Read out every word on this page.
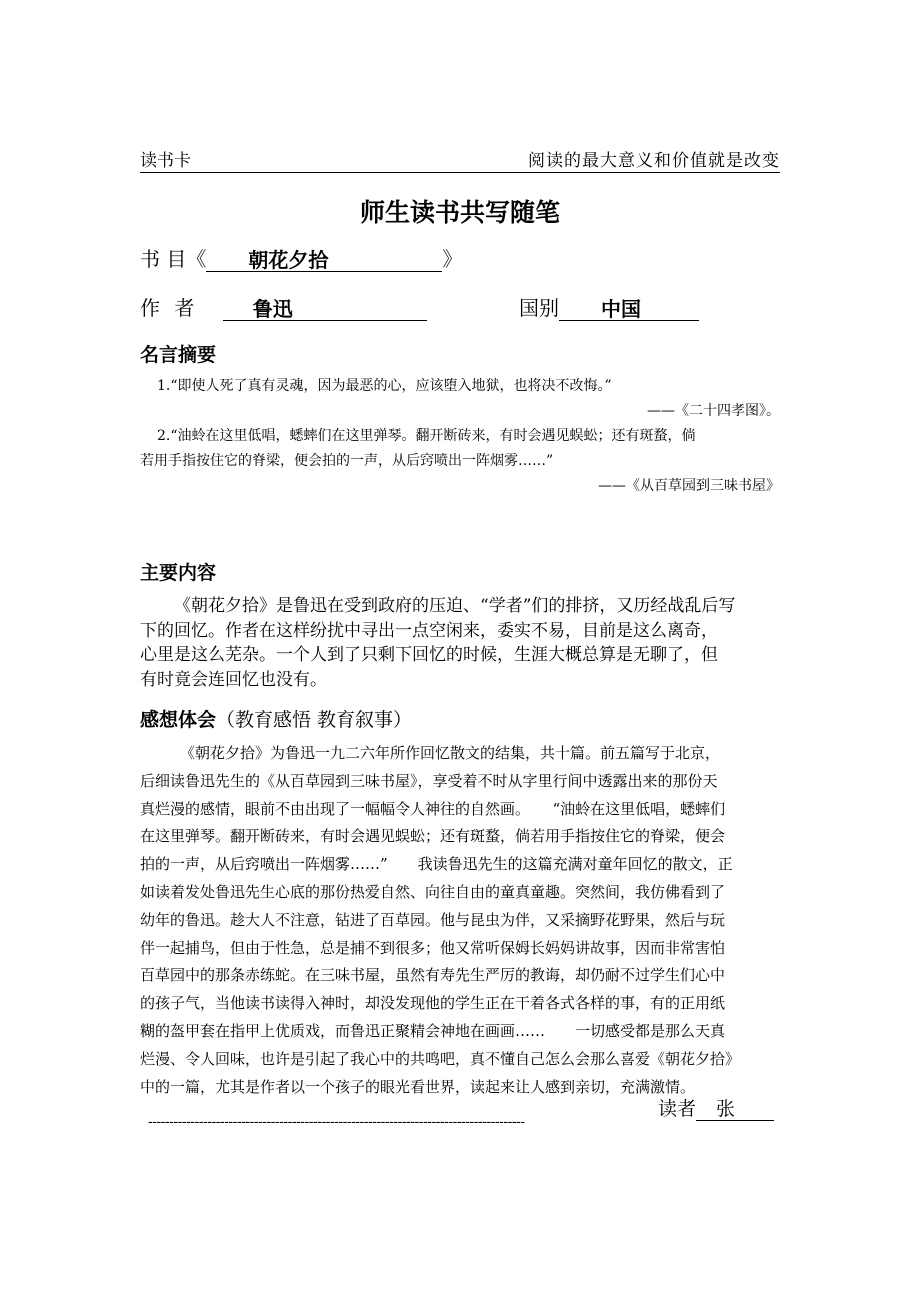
读书卡	阅读的最大意义和价值就是改变
师生读书共写随笔
书 目《 朝花夕拾	》
作 者	鲁迅	国别 中国
名言摘要
1.“即使人死了真有灵魂，因为最恶的心，应该堕入地狱，也将决不改悔。”
——《二十四孝图》。
2.“油蛉在这里低唱，蟋蟀们在这里弹琴。翻开断砖来，有时会遇见蜈蚣；还有斑蝥，倘
若用手指按住它的脊梁，便会拍的一声，从后窍喷出一阵烟雾……”
——《从百草园到三味书屋》
主要内容
《朝花夕拾》是鲁迅在受到政府的压迫、“学者”们的排挤，又历经战乱后写
下的回忆。作者在这样纷扰中寻出一点空闲来，委实不易，目前是这么离奇，
心里是这么芜杂。一个人到了只剩下回忆的时候，生涯大概总算是无聊了，但
有时竟会连回忆也没有。
感想体会（教育感悟 教育叙事）
《朝花夕拾》为鲁迅一九二六年所作回忆散文的结集，共十篇。前五篇写于北京，
后细读鲁迅先生的《从百草园到三味书屋》，享受着不时从字里行间中透露出来的那份天
真烂漫的感情，眼前不由出现了一幅幅令人神往的自然画。　　“油蛉在这里低唱，蟋蟀们
在这里弹琴。翻开断砖来，有时会遇见蜈蚣；还有斑蝥，倘若用手指按住它的脊梁，便会
拍的一声，从后窍喷出一阵烟雾……”　　我读鲁迅先生的这篇充满对童年回忆的散文，正
如读着发处鲁迅先生心底的那份热爱自然、向往自由的童真童趣。突然间，我仿佛看到了
幼年的鲁迅。趁大人不注意，钻进了百草园。他与昆虫为伴，又采摘野花野果，然后与玩
伴一起捕鸟，但由于性急，总是捕不到很多；他又常听保姆长妈妈讲故事，因而非常害怕
百草园中的那条赤练蛇。在三味书屋，虽然有寿先生严厉的教诲，却仍耐不过学生们心中
的孩子气，当他读书读得入神时，却没发现他的学生正在干着各式各样的事，有的正用纸
糊的盔甲套在指甲上优质戏，而鲁迅正聚精会神地在画画……　　一切感受都是那么天真
烂漫、令人回味，也许是引起了我心中的共鸣吧，真不懂自己怎么会那么喜爱《朝花夕拾》
中的一篇，尤其是作者以一个孩子的眼光看世界，读起来让人感到亲切，充满激情。
读者 张
-----------------------------------------------------------------------------------------
